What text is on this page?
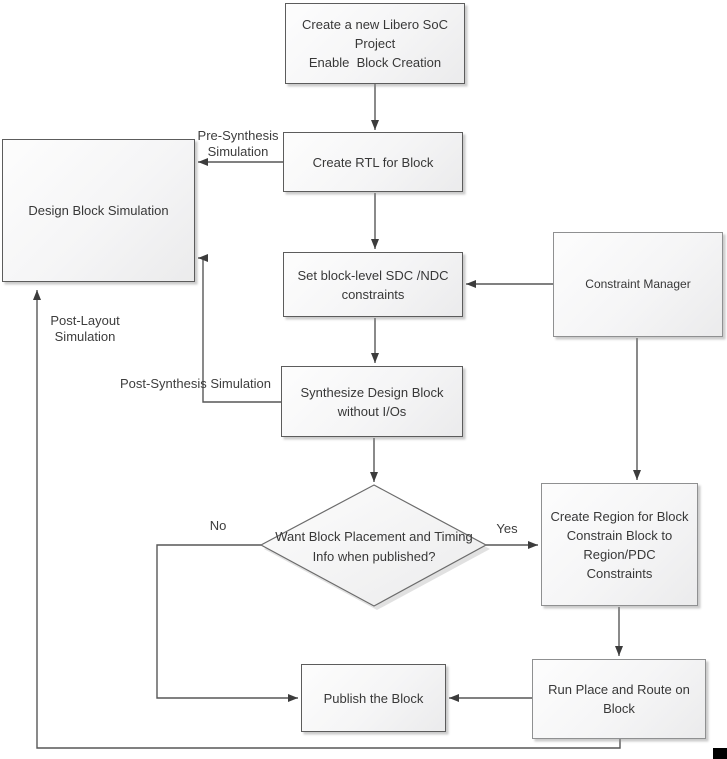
Create a new Libero SoC Project
Enable  Block Creation
Create RTL for Block
Design Block Simulation
Set block-level SDC /NDC constraints
Constraint Manager
Synthesize Design Block without I/Os
Create Region for Block Constrain Block to Region/PDC Constraints
Run Place and Route on Block
Publish the Block
Want Block Placement and Timing Info when published?
Pre-Synthesis Simulation
Post-Synthesis Simulation
Post-Layout Simulation
No	Yes
